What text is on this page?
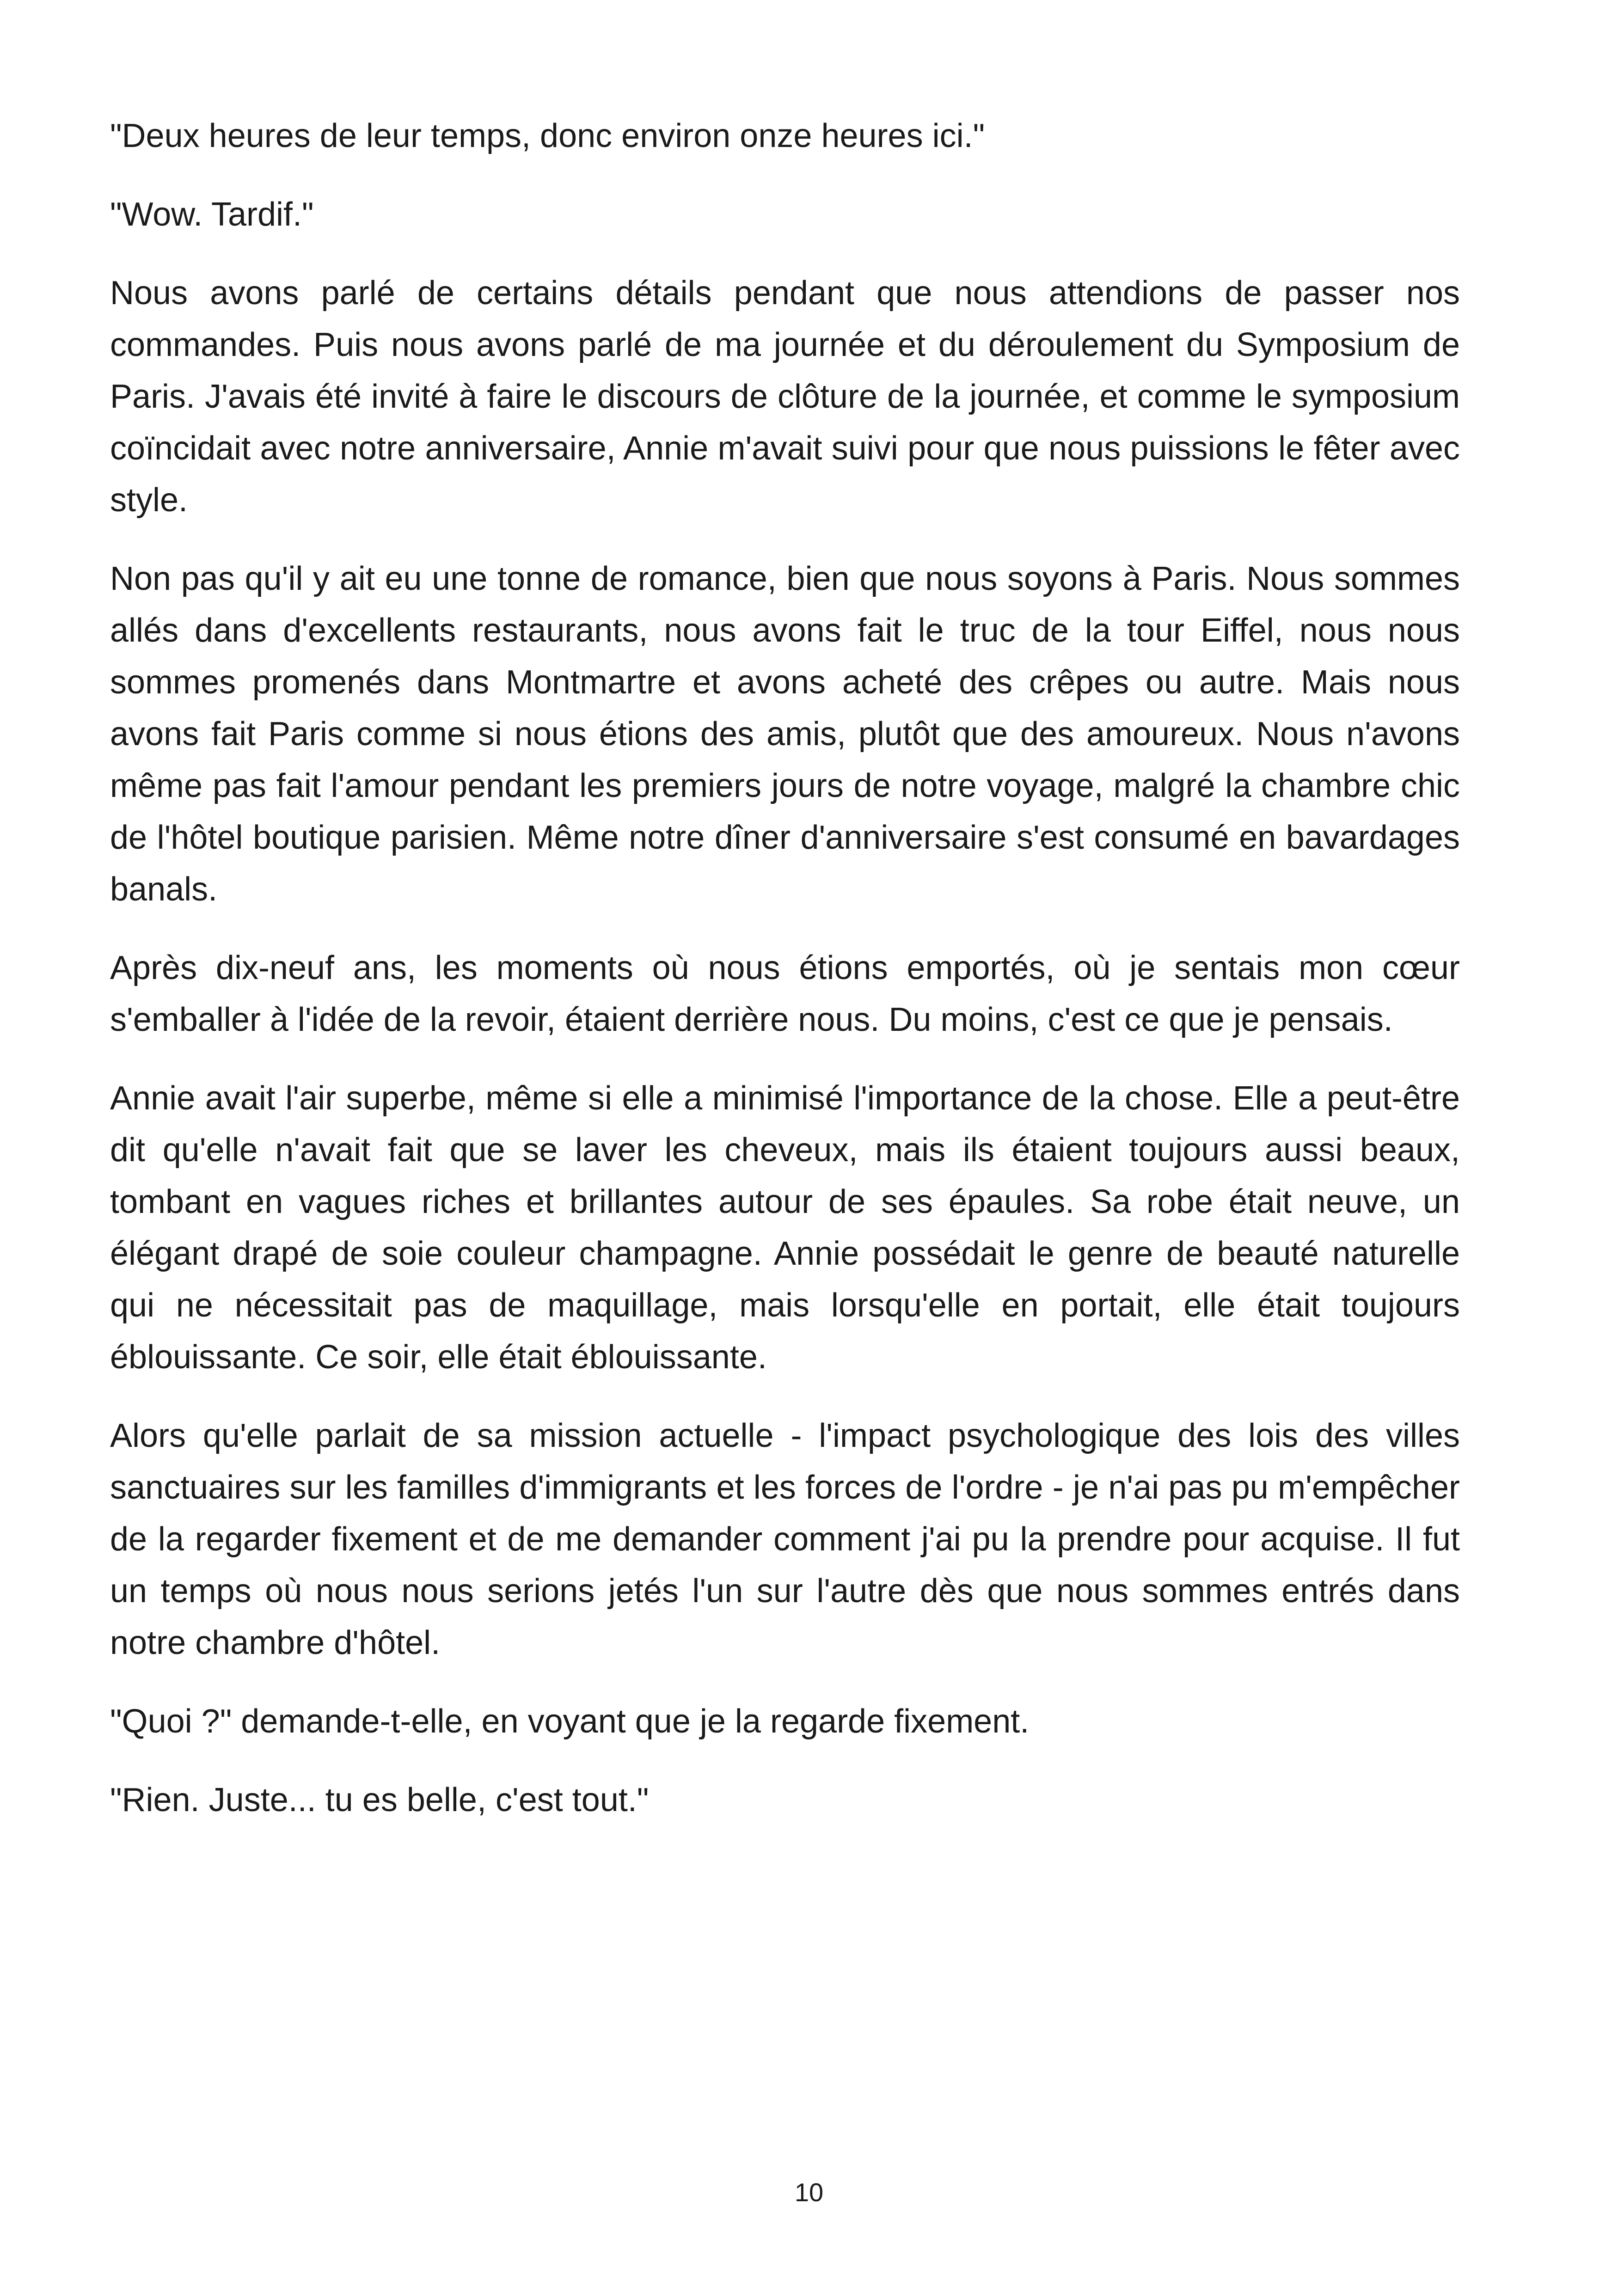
"Deux heures de leur temps, donc environ onze heures ici."

"Wow. Tardif."

Nous avons parlé de certains détails pendant que nous attendions de passer nos commandes. Puis nous avons parlé de ma journée et du déroulement du Symposium de Paris. J'avais été invité à faire le discours de clôture de la journée, et comme le symposium coïncidait avec notre anniversaire, Annie m'avait suivi pour que nous puissions le fêter avec style.

Non pas qu'il y ait eu une tonne de romance, bien que nous soyons à Paris. Nous sommes allés dans d'excellents restaurants, nous avons fait le truc de la tour Eiffel, nous nous sommes promenés dans Montmartre et avons acheté des crêpes ou autre. Mais nous avons fait Paris comme si nous étions des amis, plutôt que des amoureux. Nous n'avons même pas fait l'amour pendant les premiers jours de notre voyage, malgré la chambre chic de l'hôtel boutique parisien. Même notre dîner d'anniversaire s'est consumé en bavardages banals.

Après dix-neuf ans, les moments où nous étions emportés, où je sentais mon cœur s'emballer à l'idée de la revoir, étaient derrière nous. Du moins, c'est ce que je pensais.

Annie avait l'air superbe, même si elle a minimisé l'importance de la chose. Elle a peut-être dit qu'elle n'avait fait que se laver les cheveux, mais ils étaient toujours aussi beaux, tombant en vagues riches et brillantes autour de ses épaules. Sa robe était neuve, un élégant drapé de soie couleur champagne. Annie possédait le genre de beauté naturelle qui ne nécessitait pas de maquillage, mais lorsqu'elle en portait, elle était toujours éblouissante. Ce soir, elle était éblouissante.

Alors qu'elle parlait de sa mission actuelle - l'impact psychologique des lois des villes sanctuaires sur les familles d'immigrants et les forces de l'ordre - je n'ai pas pu m'empêcher de la regarder fixement et de me demander comment j'ai pu la prendre pour acquise. Il fut un temps où nous nous serions jetés l'un sur l'autre dès que nous sommes entrés dans notre chambre d'hôtel.

"Quoi ?" demande-t-elle, en voyant que je la regarde fixement.

"Rien. Juste... tu es belle, c'est tout."

10
